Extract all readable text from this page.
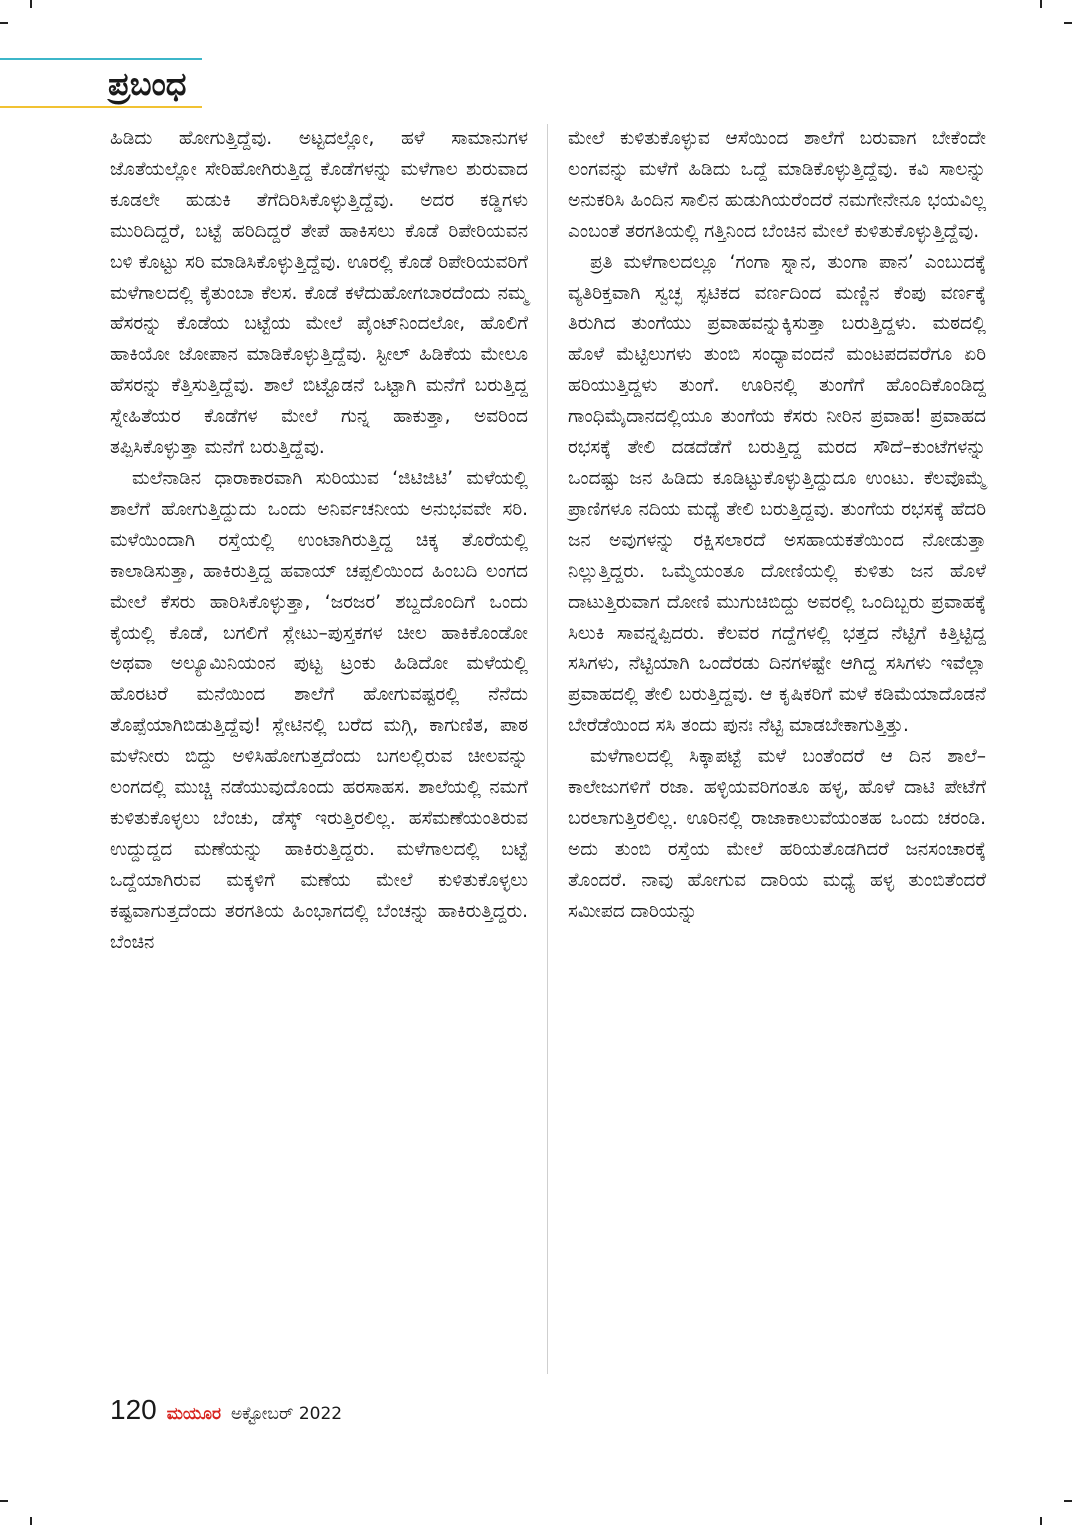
ಪ್ರಬಂಧ

ಹಿಡಿದು ಹೋಗುತ್ತಿದ್ದೆವು. ಅಟ್ಟದಲ್ಲೋ, ಹಳೆ ಸಾಮಾನುಗಳ ಜೊತೆಯಲ್ಲೋ ಸೇರಿಹೋಗಿರುತ್ತಿದ್ದ ಕೊಡೆಗಳನ್ನು ಮಳೆಗಾಲ ಶುರುವಾದ ಕೂಡಲೇ ಹುಡುಕಿ ತೆಗೆದಿರಿಸಿಕೊಳ್ಳುತ್ತಿದ್ದೆವು. ಅದರ ಕಡ್ಡಿಗಳು ಮುರಿದಿದ್ದರೆ, ಬಟ್ಟೆ ಹರಿದಿದ್ದರೆ ತೇಪೆ ಹಾಕಿಸಲು ಕೊಡೆ ರಿಪೇರಿಯವನ ಬಳಿ ಕೊಟ್ಟು ಸರಿ ಮಾಡಿಸಿಕೊಳ್ಳುತ್ತಿದ್ದೆವು. ಊರಲ್ಲಿ ಕೊಡೆ ರಿಪೇರಿಯವರಿಗೆ ಮಳೆಗಾಲದಲ್ಲಿ ಕೈತುಂಬಾ ಕೆಲಸ. ಕೊಡೆ ಕಳೆದುಹೋಗಬಾರದೆಂದು ನಮ್ಮ ಹೆಸರನ್ನು ಕೊಡೆಯ ಬಟ್ಟೆಯ ಮೇಲೆ ಪೈಂಟ್‌ನಿಂದಲೋ, ಹೊಲಿಗೆ ಹಾಕಿಯೋ ಜೋಪಾನ ಮಾಡಿಕೊಳ್ಳುತ್ತಿದ್ದೆವು. ಸ್ಟೀಲ್ ಹಿಡಿಕೆಯ ಮೇಲೂ ಹೆಸರನ್ನು ಕೆತ್ತಿಸುತ್ತಿದ್ದೆವು. ಶಾಲೆ ಬಿಟ್ಟೊಡನೆ ಒಟ್ಟಾಗಿ ಮನೆಗೆ ಬರುತ್ತಿದ್ದ ಸ್ನೇಹಿತೆಯರ ಕೊಡೆಗಳ ಮೇಲೆ ಗುನ್ನ ಹಾಕುತ್ತಾ, ಅವರಿಂದ ತಪ್ಪಿಸಿಕೊಳ್ಳುತ್ತಾ ಮನೆಗೆ ಬರುತ್ತಿದ್ದೆವು.

ಮಲೆನಾಡಿನ ಧಾರಾಕಾರವಾಗಿ ಸುರಿಯುವ ‘ಜಿಟಿಜಿಟಿ’ ಮಳೆಯಲ್ಲಿ ಶಾಲೆಗೆ ಹೋಗುತ್ತಿದ್ದುದು ಒಂದು ಅನಿರ್ವಚನೀಯ ಅನುಭವವೇ ಸರಿ. ಮಳೆಯಿಂದಾಗಿ ರಸ್ತೆಯಲ್ಲಿ ಉಂಟಾಗಿರುತ್ತಿದ್ದ ಚಿಕ್ಕ ತೊರೆಯಲ್ಲಿ ಕಾಲಾಡಿಸುತ್ತಾ, ಹಾಕಿರುತ್ತಿದ್ದ ಹವಾಯ್ ಚಪ್ಪಲಿಯಿಂದ ಹಿಂಬದಿ ಲಂಗದ ಮೇಲೆ ಕೆಸರು ಹಾರಿಸಿಕೊಳ್ಳುತ್ತಾ, ‘ಜರಜರ’ ಶಬ್ದದೊಂದಿಗೆ ಒಂದು ಕೈಯಲ್ಲಿ ಕೊಡೆ, ಬಗಲಿಗೆ ಸ್ಲೇಟು–ಪುಸ್ತಕಗಳ ಚೀಲ ಹಾಕಿಕೊಂಡೋ ಅಥವಾ ಅಲ್ಯೂಮಿನಿಯಂನ ಪುಟ್ಟ ಟ್ರಂಕು ಹಿಡಿದೋ ಮಳೆಯಲ್ಲಿ ಹೊರಟರೆ ಮನೆಯಿಂದ ಶಾಲೆಗೆ ಹೋಗುವಷ್ಟರಲ್ಲಿ ನೆನೆದು ತೊಪ್ಪೆಯಾಗಿಬಿಡುತ್ತಿದ್ದೆವು! ಸ್ಲೇಟಿನಲ್ಲಿ ಬರೆದ ಮಗ್ಗಿ, ಕಾಗುಣಿತ, ಪಾಠ ಮಳೆನೀರು ಬಿದ್ದು ಅಳಿಸಿಹೋಗುತ್ತದೆಂದು ಬಗಲಲ್ಲಿರುವ ಚೀಲವನ್ನು ಲಂಗದಲ್ಲಿ ಮುಚ್ಚಿ ನಡೆಯುವುದೊಂದು ಹರಸಾಹಸ. ಶಾಲೆಯಲ್ಲಿ ನಮಗೆ ಕುಳಿತುಕೊಳ್ಳಲು ಬೆಂಚು, ಡೆಸ್ಕ್ ಇರುತ್ತಿರಲಿಲ್ಲ. ಹಸೆಮಣೆಯಂತಿರುವ ಉದ್ದುದ್ದದ ಮಣೆಯನ್ನು ಹಾಕಿರುತ್ತಿದ್ದರು. ಮಳೆಗಾಲದಲ್ಲಿ ಬಟ್ಟೆ ಒದ್ದೆಯಾಗಿರುವ ಮಕ್ಕಳಿಗೆ ಮಣೆಯ ಮೇಲೆ ಕುಳಿತುಕೊಳ್ಳಲು ಕಷ್ಟವಾಗುತ್ತದೆಂದು ತರಗತಿಯ ಹಿಂಭಾಗದಲ್ಲಿ ಬೆಂಚನ್ನು ಹಾಕಿರುತ್ತಿದ್ದರು. ಬೆಂಚಿನ

ಮೇಲೆ ಕುಳಿತುಕೊಳ್ಳುವ ಆಸೆಯಿಂದ ಶಾಲೆಗೆ ಬರುವಾಗ ಬೇಕೆಂದೇ ಲಂಗವನ್ನು ಮಳೆಗೆ ಹಿಡಿದು ಒದ್ದೆ ಮಾಡಿಕೊಳ್ಳುತ್ತಿದ್ದೆವು. ಕವಿ ಸಾಲನ್ನು ಅನುಕರಿಸಿ ಹಿಂದಿನ ಸಾಲಿನ ಹುಡುಗಿಯರೆಂದರೆ ನಮಗೇನೇನೂ ಭಯವಿಲ್ಲ ಎಂಬಂತೆ ತರಗತಿಯಲ್ಲಿ ಗತ್ತಿನಿಂದ ಬೆಂಚಿನ ಮೇಲೆ ಕುಳಿತುಕೊಳ್ಳುತ್ತಿದ್ದೆವು.

ಪ್ರತಿ ಮಳೆಗಾಲದಲ್ಲೂ ‘ಗಂಗಾ ಸ್ನಾನ, ತುಂಗಾ ಪಾನ’ ಎಂಬುದಕ್ಕೆ ವ್ಯತಿರಿಕ್ತವಾಗಿ ಸ್ವಚ್ಛ ಸ್ಫಟಿಕದ ವರ್ಣದಿಂದ ಮಣ್ಣಿನ ಕೆಂಪು ವರ್ಣಕ್ಕೆ ತಿರುಗಿದ ತುಂಗೆಯು ಪ್ರವಾಹವನ್ನುಕ್ಕಿಸುತ್ತಾ ಬರುತ್ತಿದ್ದಳು. ಮಠದಲ್ಲಿ ಹೊಳೆ ಮೆಟ್ಟಿಲುಗಳು ತುಂಬಿ ಸಂಧ್ಯಾವಂದನೆ ಮಂಟಪದವರೆಗೂ ಏರಿ ಹರಿಯುತ್ತಿದ್ದಳು ತುಂಗೆ. ಊರಿನಲ್ಲಿ ತುಂಗೆಗೆ ಹೊಂದಿಕೊಂಡಿದ್ದ ಗಾಂಧಿಮೈದಾನದಲ್ಲಿಯೂ ತುಂಗೆಯ ಕೆಸರು ನೀರಿನ ಪ್ರವಾಹ! ಪ್ರವಾಹದ ರಭಸಕ್ಕೆ ತೇಲಿ ದಡದೆಡೆಗೆ ಬರುತ್ತಿದ್ದ ಮರದ ಸೌದೆ–ಕುಂಟೆಗಳನ್ನು ಒಂದಷ್ಟು ಜನ ಹಿಡಿದು ಕೂಡಿಟ್ಟುಕೊಳ್ಳುತ್ತಿದ್ದುದೂ ಉಂಟು. ಕೆಲವೊಮ್ಮೆ ಪ್ರಾಣಿಗಳೂ ನದಿಯ ಮಧ್ಯೆ ತೇಲಿ ಬರುತ್ತಿದ್ದವು. ತುಂಗೆಯ ರಭಸಕ್ಕೆ ಹೆದರಿ ಜನ ಅವುಗಳನ್ನು ರಕ್ಷಿಸಲಾರದೆ ಅಸಹಾಯಕತೆಯಿಂದ ನೋಡುತ್ತಾ ನಿಲ್ಲುತ್ತಿದ್ದರು. ಒಮ್ಮೆಯಂತೂ ದೋಣಿಯಲ್ಲಿ ಕುಳಿತು ಜನ ಹೊಳೆ ದಾಟುತ್ತಿರುವಾಗ ದೋಣಿ ಮುಗುಚಿಬಿದ್ದು ಅವರಲ್ಲಿ ಒಂದಿಬ್ಬರು ಪ್ರವಾಹಕ್ಕೆ ಸಿಲುಕಿ ಸಾವನ್ನಪ್ಪಿದರು. ಕೆಲವರ ಗದ್ದೆಗಳಲ್ಲಿ ಭತ್ತದ ನೆಟ್ಟಿಗೆ ಕಿತ್ತಿಟ್ಟಿದ್ದ ಸಸಿಗಳು, ನೆಟ್ಟಿಯಾಗಿ ಒಂದೆರಡು ದಿನಗಳಷ್ಟೇ ಆಗಿದ್ದ ಸಸಿಗಳು ಇವೆಲ್ಲಾ ಪ್ರವಾಹದಲ್ಲಿ ತೇಲಿ ಬರುತ್ತಿದ್ದವು. ಆ ಕೃಷಿಕರಿಗೆ ಮಳೆ ಕಡಿಮೆಯಾದೊಡನೆ ಬೇರೆಡೆಯಿಂದ ಸಸಿ ತಂದು ಪುನಃ ನೆಟ್ಟಿ ಮಾಡಬೇಕಾಗುತ್ತಿತ್ತು.

ಮಳೆಗಾಲದಲ್ಲಿ ಸಿಕ್ಕಾಪಟ್ಟೆ ಮಳೆ ಬಂತೆಂದರೆ ಆ ದಿನ ಶಾಲೆ–ಕಾಲೇಜುಗಳಿಗೆ ರಜಾ. ಹಳ್ಳಿಯವರಿಗಂತೂ ಹಳ್ಳ, ಹೊಳೆ ದಾಟಿ ಪೇಟೆಗೆ ಬರಲಾಗುತ್ತಿರಲಿಲ್ಲ. ಊರಿನಲ್ಲಿ ರಾಜಾಕಾಲುವೆಯಂತಹ ಒಂದು ಚರಂಡಿ. ಅದು ತುಂಬಿ ರಸ್ತೆಯ ಮೇಲೆ ಹರಿಯತೊಡಗಿದರೆ ಜನಸಂಚಾರಕ್ಕೆ ತೊಂದರೆ. ನಾವು ಹೋಗುವ ದಾರಿಯ ಮಧ್ಯೆ ಹಳ್ಳ ತುಂಬಿತೆಂದರೆ ಸಮೀಪದ ದಾರಿಯನ್ನು

120 ಮಯೂರ ಅಕ್ಟೋಬರ್ 2022
